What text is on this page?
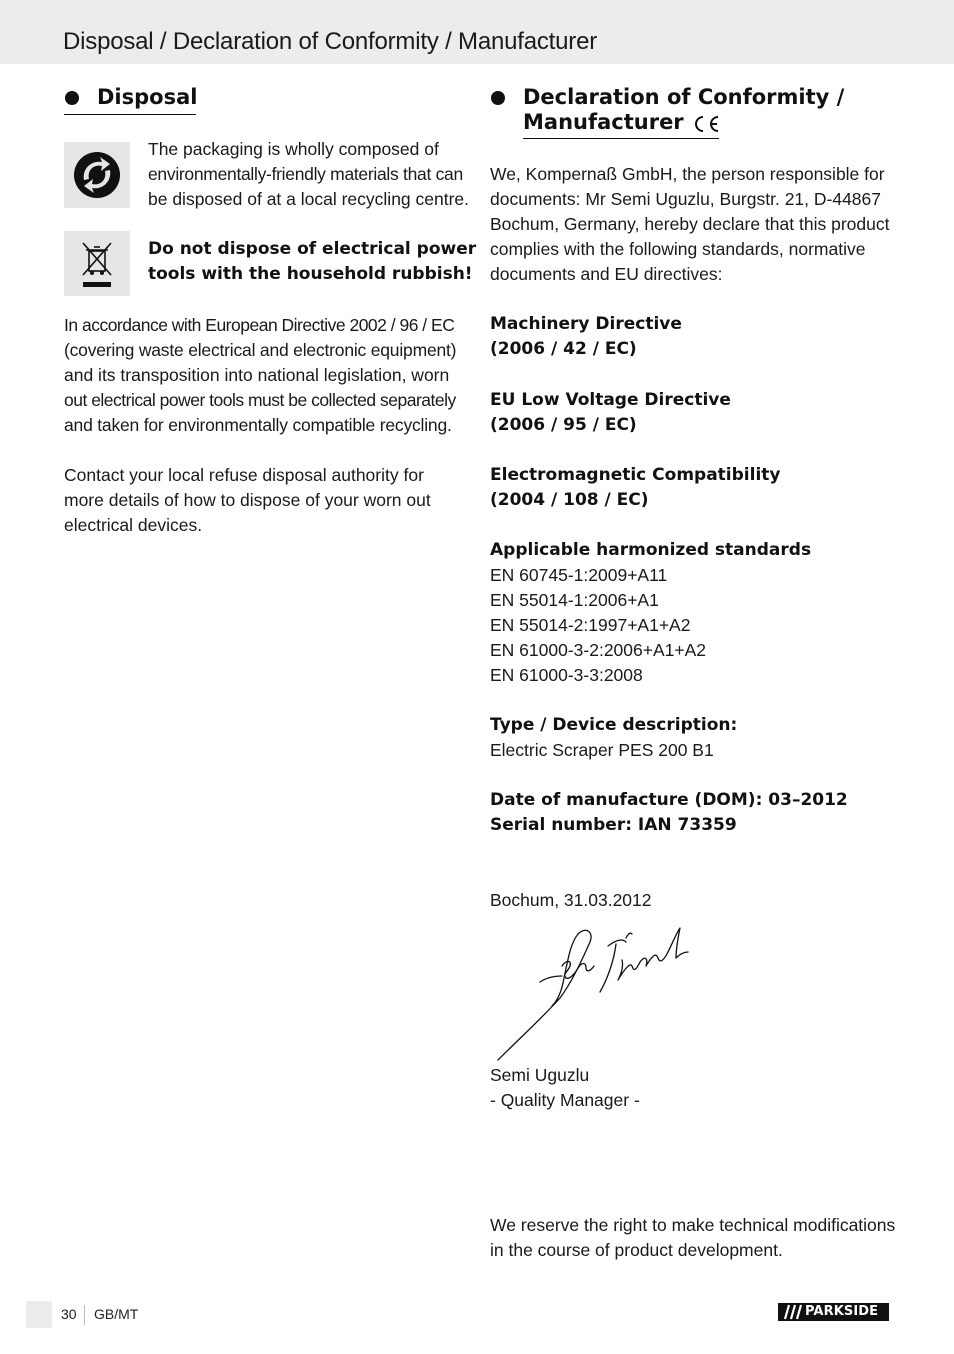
Disposal / Declaration of Conformity / Manufacturer
Disposal
The packaging is wholly composed of
environmentally-friendly materials that can
be disposed of at a local recycling centre.
Do not dispose of electrical power
tools with the household rubbish!
In accordance with European Directive 2002 / 96 / EC
(covering waste electrical and electronic equipment)
and its transposition into national legislation, worn
out electrical power tools must be collected separately
and taken for environmentally compatible recycling.
Contact your local refuse disposal authority for
more details of how to dispose of your worn out
electrical devices.
Declaration of Conformity /
Manufacturer
We, Kompernaß GmbH, the person responsible for
documents: Mr Semi Uguzlu, Burgstr. 21, D-44867
Bochum, Germany, hereby declare that this product
complies with the following standards, normative
documents and EU directives:
Machinery Directive
(2006 / 42 / EC)
EU Low Voltage Directive
(2006 / 95 / EC)
Electromagnetic Compatibility
(2004 / 108 / EC)
Applicable harmonized standards
EN 60745-1:2009+A11
EN 55014-1:2006+A1
EN 55014-2:1997+A1+A2
EN 61000-3-2:2006+A1+A2
EN 61000-3-3:2008
Type / Device description:
Electric Scraper PES 200 B1
Date of manufacture (DOM): 03–2012
Serial number: IAN 73359
Bochum, 31.03.2012
Semi Uguzlu
- Quality Manager -
We reserve the right to make technical modifications
in the course of product development.
30 GB/MT	PARKSIDE
